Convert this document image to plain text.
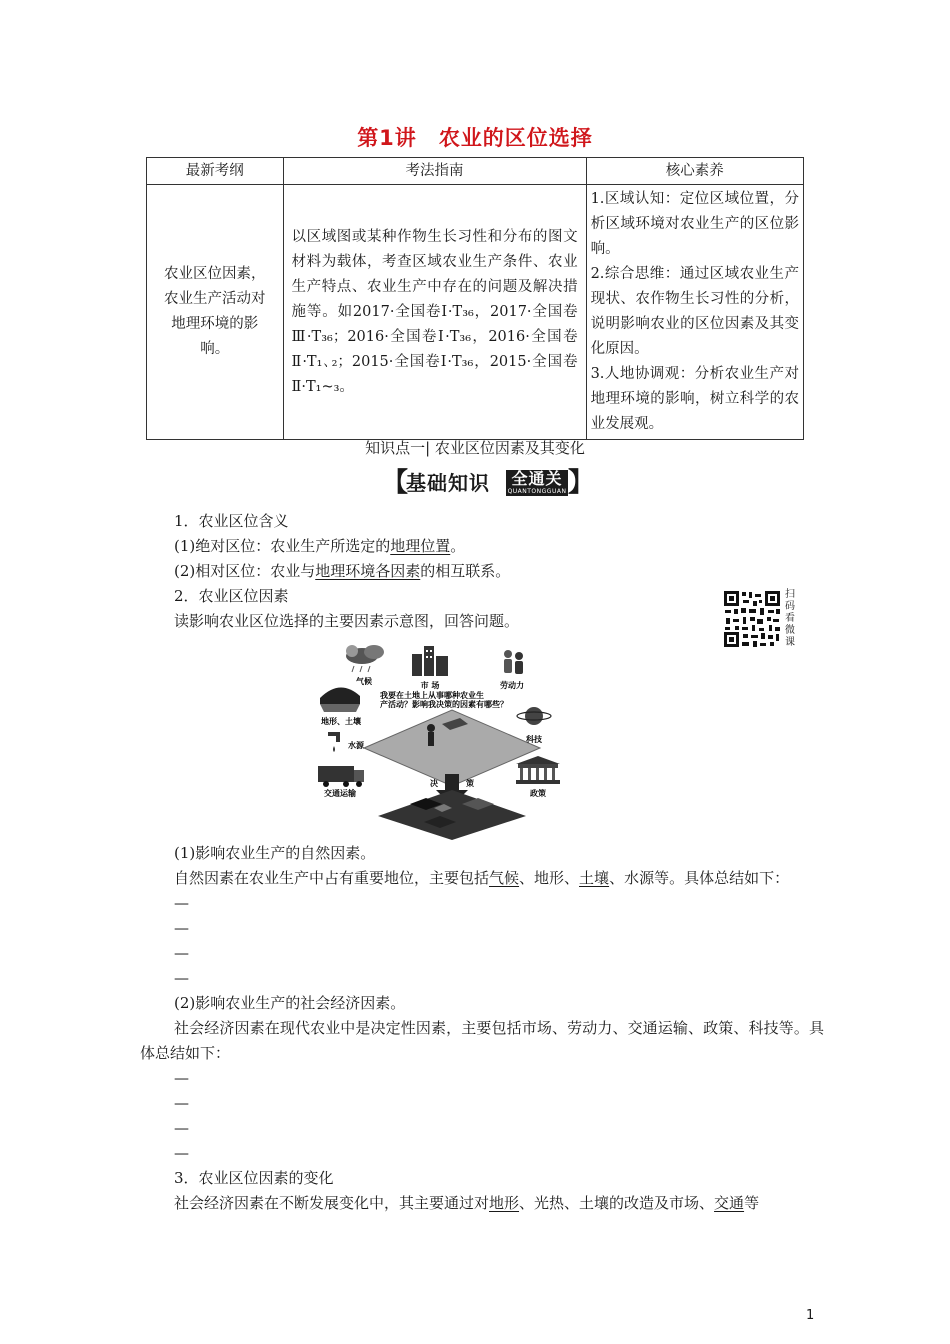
第1讲 农业的区位选择
最新考纲	考法指南	核心素养
农业区位因素，农业生产活动对地理环境的影响。	以区域图或某种作物生长习性和分布的图文材料为载体，考查区域农业生产条件、农业生产特点、农业生产中存在的问题及解决措施等。如2017·全国卷Ⅰ·T₃₆，2017·全国卷Ⅲ·T₃₆；2016·全国卷Ⅰ·T₃₆，2016·全国卷Ⅱ·T₁､₂；2015·全国卷Ⅰ·T₃₆，2015·全国卷Ⅱ·T₁~₃。	1.区域认知：定位区域位置，分析区域环境对农业生产的区位影响。
2.综合思维：通过区域农业生产现状、农作物生长习性的分析，说明影响农业的区位因素及其变化原因。
3.人地协调观：分析农业生产对地理环境的影响，树立科学的农业发展观。
知识点一| 农业区位因素及其变化
【
基础知识	全通关
QUANTONGGUAN 】
1．农业区位含义
(1)绝对区位：农业生产所选定的地理位置。
(2)相对区位：农业与地理环境各因素的相互联系。
2．农业区位因素
读影响农业区位选择的主要因素示意图，回答问题。
扫码看微课
气候	市 场	劳动力
地形、土壤
我要在土地上从事哪种农业生
产活动？影响我决策的因素有哪些？
水源
科技
决	策
交通运输	政策
(1)影响农业生产的自然因素。
自然因素在农业生产中占有重要地位，主要包括气候、地形、土壤、水源等。具体总结如下：
—
—
—
—
(2)影响农业生产的社会经济因素。
社会经济因素在现代农业中是决定性因素，主要包括市场、劳动力、交通运输、政策、科技等。具体总结如下：
—
—
—
—
3．农业区位因素的变化
社会经济因素在不断发展变化中，其主要通过对地形、光热、土壤的改造及市场、交通等
1
